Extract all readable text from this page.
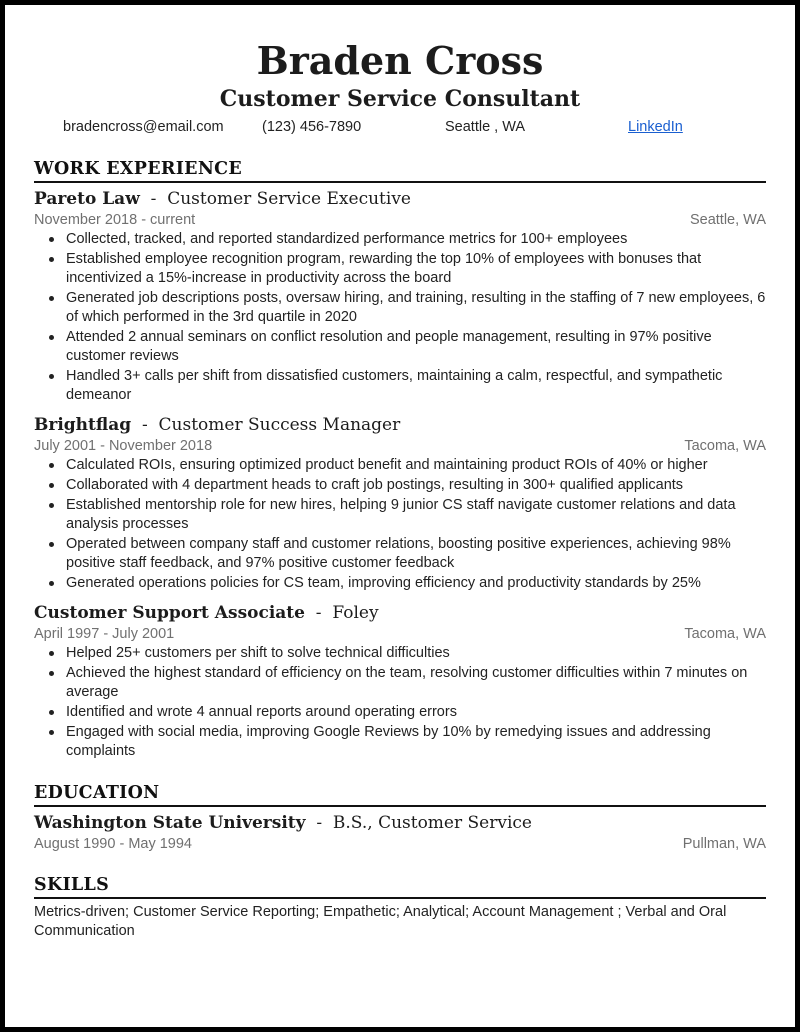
Braden Cross
Customer Service Consultant
bradencross@email.com	(123) 456-7890	Seattle , WA	LinkedIn
WORK EXPERIENCE
Pareto Law  -  Customer Service Executive
November 2018 - current	Seattle, WA
Collected, tracked, and reported standardized performance metrics for 100+ employees
Established employee recognition program, rewarding the top 10% of employees with bonuses that incentivized a 15%-increase in productivity across the board
Generated job descriptions posts, oversaw hiring, and training, resulting in the staffing of 7 new employees, 6 of which performed in the 3rd quartile in 2020
Attended 2 annual seminars on conflict resolution and people management, resulting in 97% positive customer reviews
Handled 3+ calls per shift from dissatisfied customers, maintaining a calm, respectful, and sympathetic demeanor
Brightflag  -  Customer Success Manager
July 2001 - November 2018	Tacoma, WA
Calculated ROIs, ensuring optimized product benefit and maintaining product ROIs of 40% or higher
Collaborated with 4 department heads to craft job postings, resulting in 300+ qualified applicants
Established mentorship role for new hires, helping 9 junior CS staff navigate customer relations and data analysis processes
Operated between company staff and customer relations, boosting positive experiences, achieving 98% positive staff feedback, and 97% positive customer feedback
Generated operations policies for CS team, improving efficiency and productivity standards by 25%
Customer Support Associate  -  Foley
April 1997 - July 2001	Tacoma, WA
Helped 25+ customers per shift to solve technical difficulties
Achieved the highest standard of efficiency on the team, resolving customer difficulties within 7 minutes on average
Identified and wrote 4 annual reports around operating errors
Engaged with social media, improving Google Reviews by 10% by remedying issues and addressing complaints
EDUCATION
Washington State University  -  B.S., Customer Service
August 1990 - May 1994	Pullman, WA
SKILLS
Metrics-driven; Customer Service Reporting; Empathetic; Analytical; Account Management ; Verbal and Oral Communication
